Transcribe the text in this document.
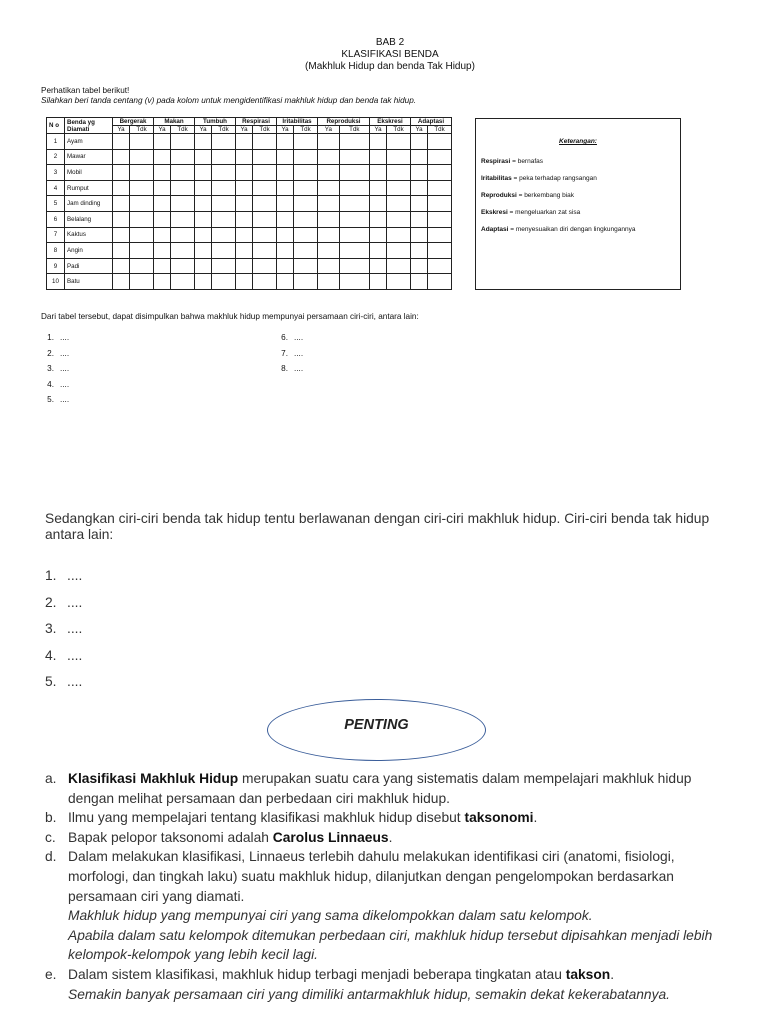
BAB 2
KLASIFIKASI BENDA
(Makhluk Hidup dan benda Tak Hidup)
Perhatikan tabel berikut!
Silahkan beri tanda centang (v) pada kolom untuk mengidentifikasi makhluk hidup dan benda tak hidup.
N o	Benda yg Diamati	Bergerak		Makan		Tumbuh		Respirasi		Iritabilitas		Reproduksi		Ekskresi		Adaptasi	
		Ya	Tdk	Ya	Tdk	Ya	Tdk	Ya	Tdk	Ya	Tdk	Ya	Tdk	Ya	Tdk	Ya	Tdk
1	Ayam																
2	Mawar																
3	Mobil																
4	Rumput																
5	Jam dinding																
6	Belalang																
7	Kaktus																
8	Angin																
9	Padi																
10	Batu																
Keterangan:
Respirasi = bernafas
Iritabilitas = peka terhadap rangsangan
Reproduksi = berkembang biak
Ekskresi = mengeluarkan zat sisa
Adaptasi = menyesuaikan diri dengan lingkungannya
Dari tabel tersebut, dapat disimpulkan bahwa makhluk hidup mempunyai persamaan ciri-ciri, antara lain:
1. ....
2. ....
3. ....
4. ....
5. ....
6. ....
7. ....
8. ....
Sedangkan ciri-ciri benda tak hidup tentu berlawanan dengan ciri-ciri makhluk hidup. Ciri-ciri benda tak hidup antara lain:
1. ....
2. ....
3. ....
4. ....
5. ....
PENTING
a. Klasifikasi Makhluk Hidup merupakan suatu cara yang sistematis dalam mempelajari makhluk hidup dengan melihat persamaan dan perbedaan ciri makhluk hidup.
b. Ilmu yang mempelajari tentang klasifikasi makhluk hidup disebut taksonomi.
c. Bapak pelopor taksonomi adalah Carolus Linnaeus.
d. Dalam melakukan klasifikasi, Linnaeus terlebih dahulu melakukan identifikasi ciri (anatomi, fisiologi, morfologi, dan tingkah laku) suatu makhluk hidup, dilanjutkan dengan pengelompokan berdasarkan persamaan ciri yang diamati.
Makhluk hidup yang mempunyai ciri yang sama dikelompokkan dalam satu kelompok.
Apabila dalam satu kelompok ditemukan perbedaan ciri, makhluk hidup tersebut dipisahkan menjadi lebih kelompok-kelompok yang lebih kecil lagi.
e. Dalam sistem klasifikasi, makhluk hidup terbagi menjadi beberapa tingkatan atau takson.
Semakin banyak persamaan ciri yang dimiliki antarmakhluk hidup, semakin dekat kekerabatannya.
